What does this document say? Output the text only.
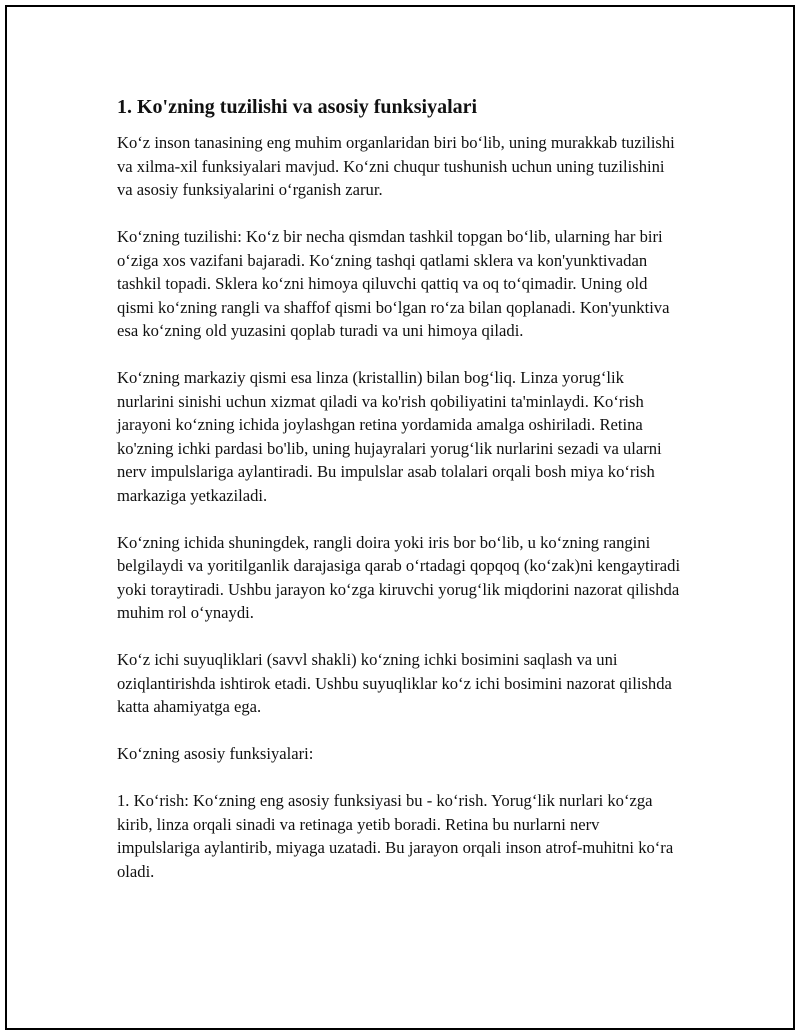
1. Ko'zning tuzilishi va asosiy funksiyalari

Ko‘z inson tanasining eng muhim organlaridan biri bo‘lib, uning murakkab tuzilishi va xilma-xil funksiyalari mavjud. Ko‘zni chuqur tushunish uchun uning tuzilishini va asosiy funksiyalarini o‘rganish zarur.

Ko‘zning tuzilishi: Ko‘z bir necha qismdan tashkil topgan bo‘lib, ularning har biri o‘ziga xos vazifani bajaradi. Ko‘zning tashqi qatlami sklera va kon'yunktivadan tashkil topadi. Sklera ko‘zni himoya qiluvchi qattiq va oq to‘qimadir. Uning old qismi ko‘zning rangli va shaffof qismi bo‘lgan ro‘za bilan qoplanadi. Kon'yunktiva esa ko‘zning old yuzasini qoplab turadi va uni himoya qiladi.

Ko‘zning markaziy qismi esa linza (kristallin) bilan bog‘liq. Linza yorug‘lik nurlarini sinishi uchun xizmat qiladi va ko'rish qobiliyatini ta'minlaydi. Ko‘rish jarayoni ko‘zning ichida joylashgan retina yordamida amalga oshiriladi. Retina ko'zning ichki pardasi bo'lib, uning hujayralari yorug‘lik nurlarini sezadi va ularni nerv impulslariga aylantiradi. Bu impulslar asab tolalari orqali bosh miya ko‘rish markaziga yetkaziladi.

Ko‘zning ichida shuningdek, rangli doira yoki iris bor bo‘lib, u ko‘zning rangini belgilaydi va yoritilganlik darajasiga qarab o‘rtadagi qopqoq (ko‘zak)ni kengaytiradi yoki toraytiradi. Ushbu jarayon ko‘zga kiruvchi yorug‘lik miqdorini nazorat qilishda muhim rol o‘ynaydi.

Ko‘z ichi suyuqliklari (savvl shakli) ko‘zning ichki bosimini saqlash va uni oziqlantirishda ishtirok etadi. Ushbu suyuqliklar ko‘z ichi bosimini nazorat qilishda katta ahamiyatga ega.

Ko‘zning asosiy funksiyalari:

1. Ko‘rish: Ko‘zning eng asosiy funksiyasi bu - ko‘rish. Yorug‘lik nurlari ko‘zga kirib, linza orqali sinadi va retinaga yetib boradi. Retina bu nurlarni nerv impulslariga aylantirib, miyaga uzatadi. Bu jarayon orqali inson atrof-muhitni ko‘ra oladi.
